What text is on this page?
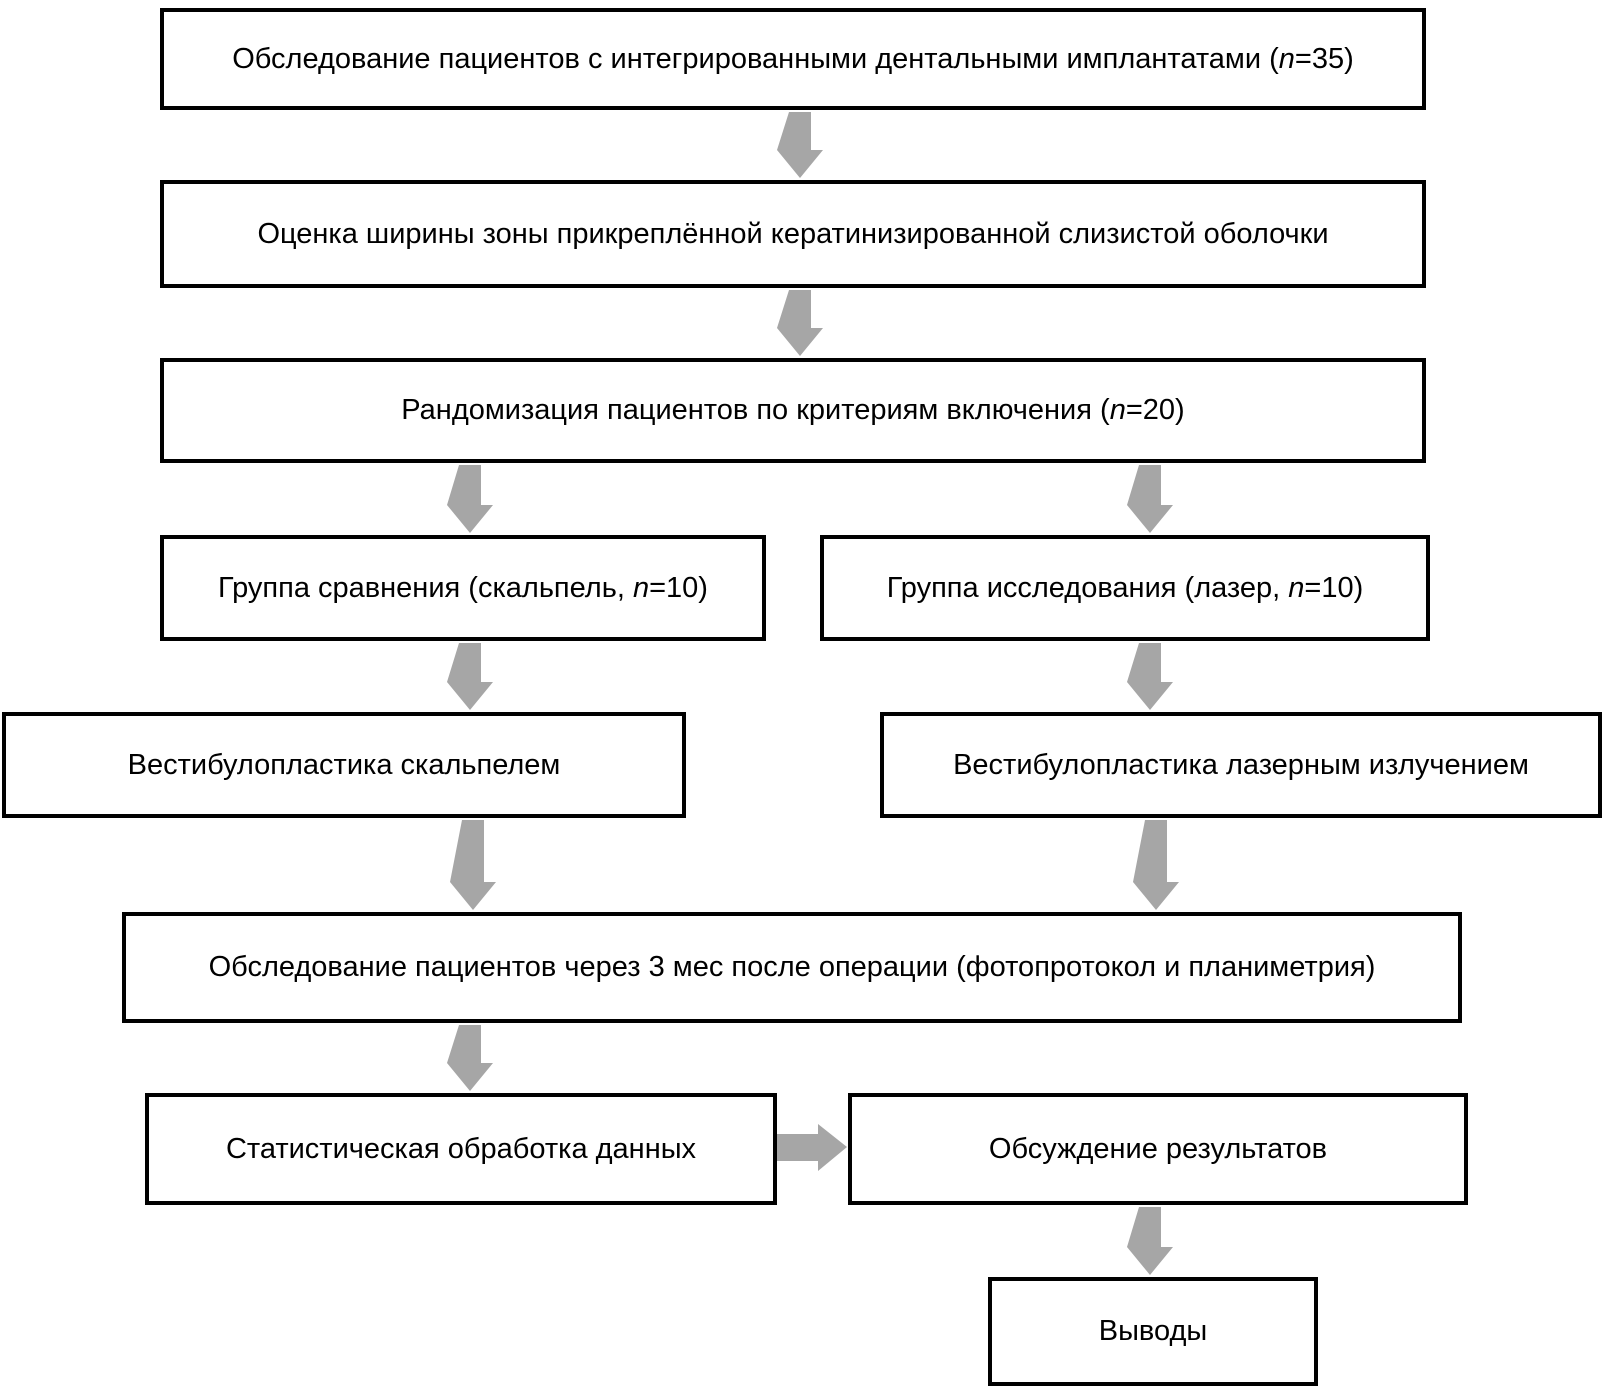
Обследование пациентов с интегрированными дентальными имплантатами (n=35)
Оценка ширины зоны прикреплённой кератинизированной слизистой оболочки
Рандомизация пациентов по критериям включения (n=20)
Группа сравнения (скальпель, n=10)	Группа исследования (лазер, n=10)
Вестибулопластика скальпелем	Вестибулопластика лазерным излучением
Обследование пациентов через 3 мес после операции (фотопротокол и планиметрия)
Статистическая обработка данных	Обсуждение результатов
Выводы
